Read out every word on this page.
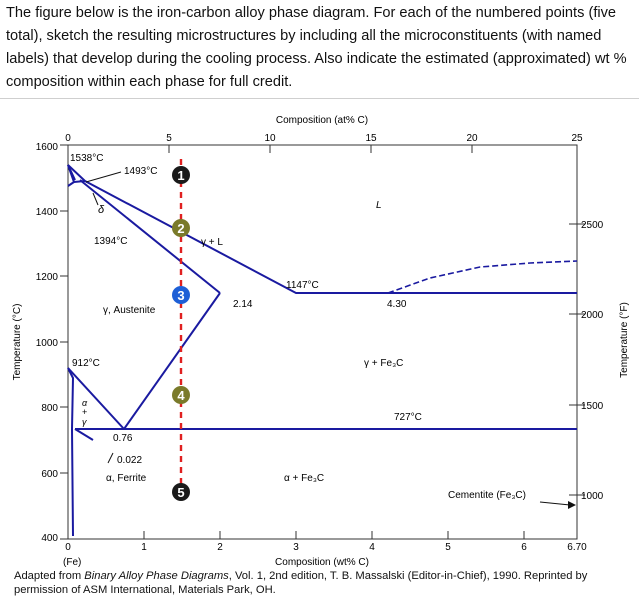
The figure below is the iron-carbon alloy phase diagram. For each of the numbered points (five total), sketch the resulting microstructures by including all the microconstituents (with named labels) that develop during the cooling process. Also indicate the estimated (approximated) wt % composition within each phase for full credit.

Composition (at% C)
0	5	10	15	20	25
1600
1400
1200
1000
800
600
400
Temperature (°C)
2500
2000
1500
1000
Temperature (°F)
0	1	2	3	4	5	6	6.70
(Fe)	Composition (wt% C)
1538°C
1493°C
δ
1394°C
γ, Austenite
912°C
α
+
γ
0.76
0.022
α, Ferrite
γ + L
L
2.14
1147°C
4.30
γ + Fe₃C
727°C
α + Fe₃C
Cementite (Fe₃C)
1
2
3
4
5

Adapted from Binary Alloy Phase Diagrams, Vol. 1, 2nd edition, T. B. Massalski (Editor-in-Chief), 1990. Reprinted by permission of ASM International, Materials Park, OH.
